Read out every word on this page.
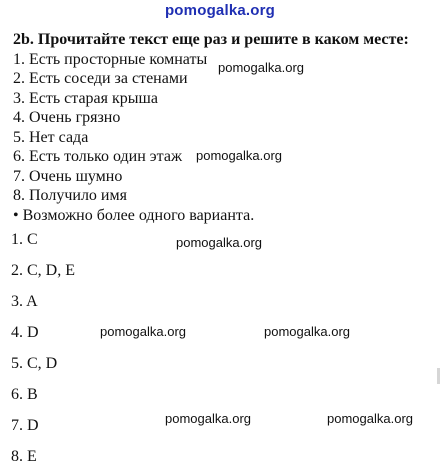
pomogalka.org
2b. Прочитайте текст еще раз и решите в каком месте:
1. Есть просторные комнаты
2. Есть соседи за стенами
3. Есть старая крыша
4. Очень грязно
5. Нет сада
6. Есть только один этаж
7. Очень шумно
8. Получило имя
• Возможно более одного варианта.
1. C
2. C, D, E
3. A
4. D
5. C, D
6. B
7. D
8. E
pomogalka.org
pomogalka.org
pomogalka.org
pomogalka.org	pomogalka.org
pomogalka.org	pomogalka.org
